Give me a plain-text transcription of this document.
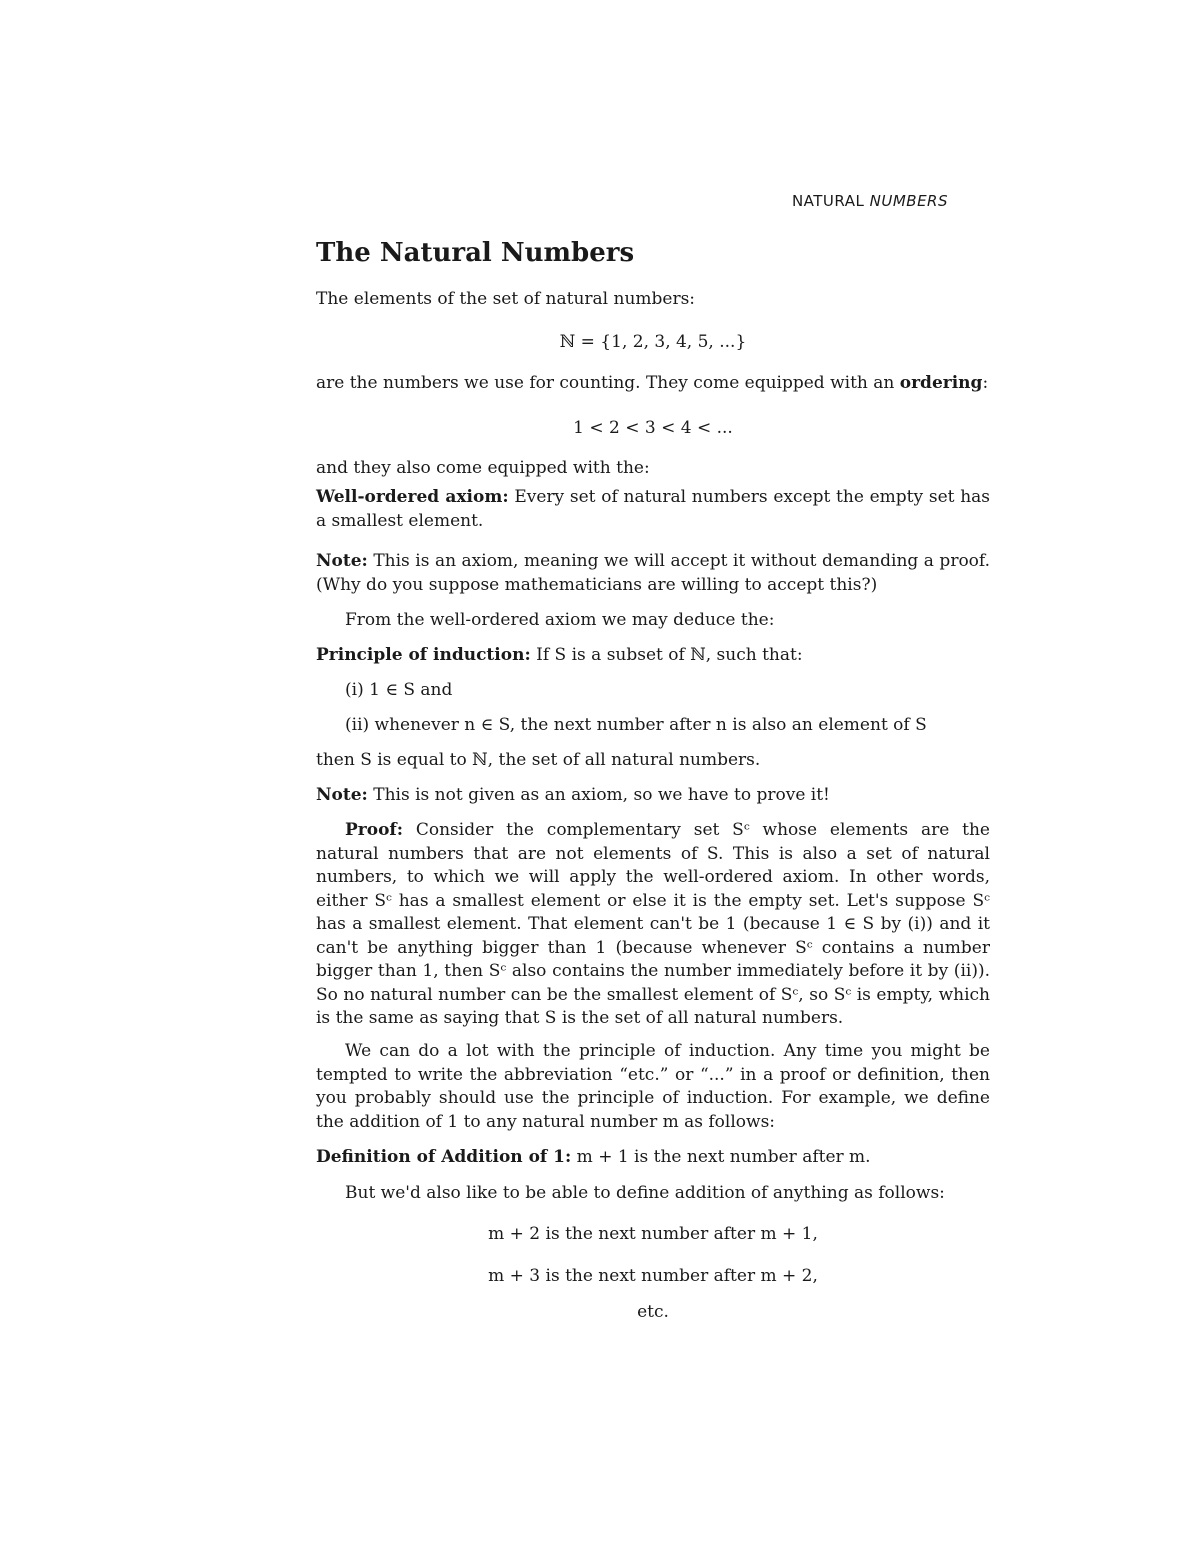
NATURAL NUMBERS
The Natural Numbers
The elements of the set of natural numbers:
ℕ = {1, 2, 3, 4, 5, ...}
are the numbers we use for counting. They come equipped with an ordering:
1 < 2 < 3 < 4 < ...
and they also come equipped with the:
Well-ordered axiom: Every set of natural numbers except the empty set has a smallest element.
Note: This is an axiom, meaning we will accept it without demanding a proof. (Why do you suppose mathematicians are willing to accept this?)
From the well-ordered axiom we may deduce the:
Principle of induction: If S is a subset of ℕ, such that:
(i) 1 ∈ S and
(ii) whenever n ∈ S, the next number after n is also an element of S
then S is equal to ℕ, the set of all natural numbers.
Note: This is not given as an axiom, so we have to prove it!
Proof: Consider the complementary set Sᶜ whose elements are the natural numbers that are not elements of S. This is also a set of natural numbers, to which we will apply the well-ordered axiom. In other words, either Sᶜ has a smallest element or else it is the empty set. Let's suppose Sᶜ has a smallest element. That element can't be 1 (because 1 ∈ S by (i)) and it can't be anything bigger than 1 (because whenever Sᶜ contains a number bigger than 1, then Sᶜ also contains the number immediately before it by (ii)). So no natural number can be the smallest element of Sᶜ, so Sᶜ is empty, which is the same as saying that S is the set of all natural numbers.
We can do a lot with the principle of induction. Any time you might be tempted to write the abbreviation “etc.” or “...” in a proof or definition, then you probably should use the principle of induction. For example, we define the addition of 1 to any natural number m as follows:
Definition of Addition of 1: m + 1 is the next number after m.
But we'd also like to be able to define addition of anything as follows:
m + 2 is the next number after m + 1,
m + 3 is the next number after m + 2,
etc.
